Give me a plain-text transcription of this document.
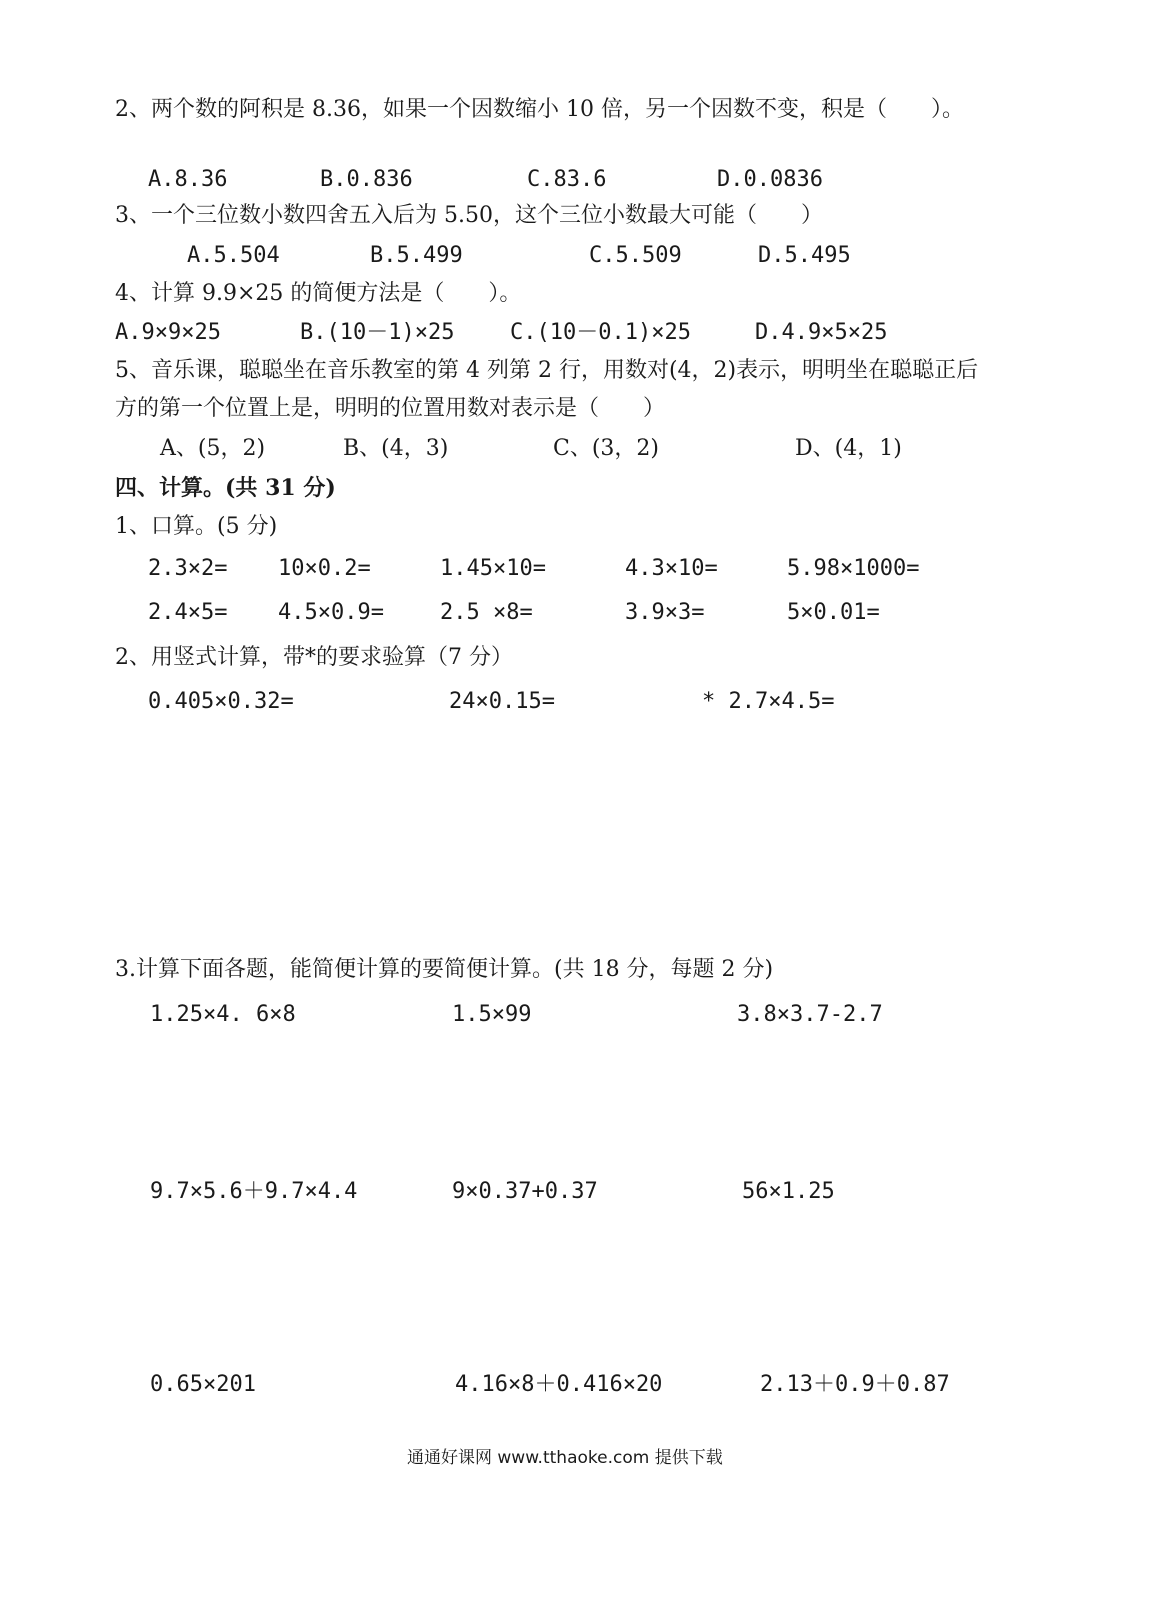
2、两个数的阿积是 8.36，如果一个因数缩小 10 倍，另一个因数不变，积是（　　）。
A.8.36	B.0.836	C.83.6	D.0.0836
3、一个三位数小数四舍五入后为 5.50，这个三位小数最大可能（　　）
A.5.504	B.5.499	C.5.509	D.5.495
4、计算 9.9×25 的简便方法是（　　）。
A.9×9×25	B.(10－1)×25	C.(10－0.1)×25	D.4.9×5×25
5、音乐课，聪聪坐在音乐教室的第 4 列第 2 行，用数对(4，2)表示，明明坐在聪聪正后
方的第一个位置上是，明明的位置用数对表示是（　　）
A、(5，2)	B、(4，3)	C、(3，2)	D、(4，1)
四、计算。(共 31 分)
1、口算。(5 分)
2.3×2= 10×0.2=	1.45×10=	4.3×10=	5.98×1000=
2.4×5= 4.5×0.9=	2.5 ×8=	3.9×3=	5×0.01=
2、用竖式计算，带*的要求验算（7 分）
0.405×0.32=	24×0.15=	* 2.7×4.5=
3.计算下面各题，能简便计算的要简便计算。(共 18 分，每题 2 分)
1.25×4. 6×8	1.5×99	3.8×3.7-2.7
9.7×5.6＋9.7×4.4	9×0.37+0.37	56×1.25
0.65×201	4.16×8＋0.416×20	2.13＋0.9＋0.87
通通好课网 www.tthaoke.com 提供下载
